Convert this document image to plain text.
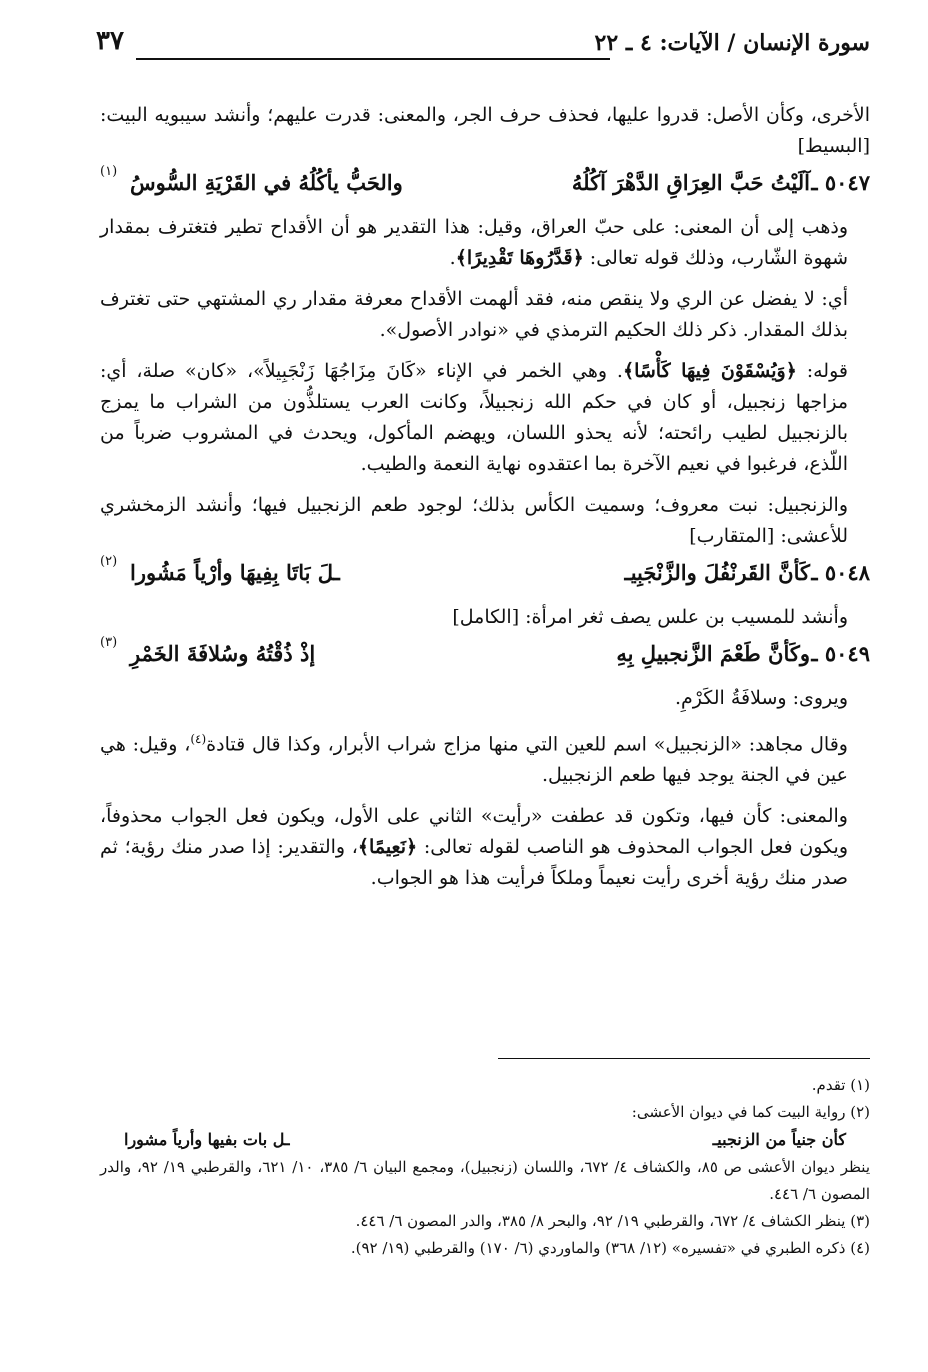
سورة الإنسان / الآيات: ٤ ـ ٢٢
٣٧

الأخرى، وكأن الأصل: قدروا عليها، فحذف حرف الجر، والمعنى: قدرت عليهم؛ وأنشد سيبويه البيت: [البسيط]

٥٠٤٧ ـ
آلَيْتُ حَبَّ العِرَاقِ الدَّهْرَ آكُلُهُ
والحَبُّ يأكُلُهُ في القَرْيَةِ السُّوسُ
(١)

وذهب إلى أن المعنى: على حبّ العراق، وقيل: هذا التقدير هو أن الأقداح تطير فتغترف بمقدار شهوة الشّارب، وذلك قوله تعالى: ﴿قَدَّرُوهَا تَقْدِيرًا﴾.

أي: لا يفضل عن الري ولا ينقص منه، فقد ألهمت الأقداح معرفة مقدار ري المشتهي حتى تغترف بذلك المقدار. ذكر ذلك الحكيم الترمذي في «نوادر الأصول».

قوله: ﴿وَيُسْقَوْنَ فِيهَا كَأْسًا﴾. وهي الخمر في الإناء «كَانَ مِزَاجُهَا زَنْجَبِيلاً»، «كان» صلة، أي: مزاجها زنجبيل، أو كان في حكم الله زنجبيلاً، وكانت العرب يستلذُّون من الشراب ما يمزج بالزنجبيل لطيب رائحته؛ لأنه يحذو اللسان، ويهضم المأكول، ويحدث في المشروب ضرباً من اللّذع، فرغبوا في نعيم الآخرة بما اعتقدوه نهاية النعمة والطيب.

والزنجبيل: نبت معروف؛ وسميت الكأس بذلك؛ لوجود طعم الزنجبيل فيها؛ وأنشد الزمخشري للأعشى: [المتقارب]

٥٠٤٨ ـ
كَأنَّ القَرنْفُلَ والزَّنْجَبِيـ
ـلَ بَاتَا بِفِيهَا وأرْياً مَشُورا
(٢)

وأنشد للمسيب بن علس يصف ثغر امرأة: [الكامل]

٥٠٤٩ ـ
وكَأنَّ طَعْمَ الزَّنجبيلِ بِهِ
إذْ ذُقْتُهُ وسُلافَةَ الخَمْرِ
(٣)

ويروى: وسلافَةُ الكَرْمِ.

وقال مجاهد: «الزنجبيل» اسم للعين التي منها مزاج شراب الأبرار، وكذا قال قتادة$^{(٤)}$، وقيل: هي عين في الجنة يوجد فيها طعم الزنجبيل.

والمعنى: كأن فيها، وتكون قد عطفت «رأيت» الثاني على الأول، ويكون فعل الجواب محذوفاً، ويكون فعل الجواب المحذوف هو الناصب لقوله تعالى: ﴿نَعِيمًا﴾، والتقدير: إذا صدر منك رؤية؛ ثم صدر منك رؤية أخرى رأيت نعيماً وملكاً فرأيت هذا هو الجواب.

(١) تقدم.

(٢) رواية البيت كما في ديوان الأعشى:

كأن جنياً من الزنجبيـ
ـل بات بفيها وأرياً مشورا

ينظر ديوان الأعشى ص ٨٥، والكشاف ٤/ ٦٧٢، واللسان (زنجبيل)، ومجمع البيان ٦/ ٣٨٥، ١٠/ ٦٢١، والقرطبي ١٩/ ٩٢، والدر المصون ٦/ ٤٤٦.

(٣) ينظر الكشاف ٤/ ٦٧٢، والقرطبي ١٩/ ٩٢، والبحر ٨/ ٣٨٥، والدر المصون ٦/ ٤٤٦.

(٤) ذكره الطبري في «تفسيره» (١٢/ ٣٦٨) والماوردي (٦/ ١٧٠) والقرطبي (١٩/ ٩٢).
